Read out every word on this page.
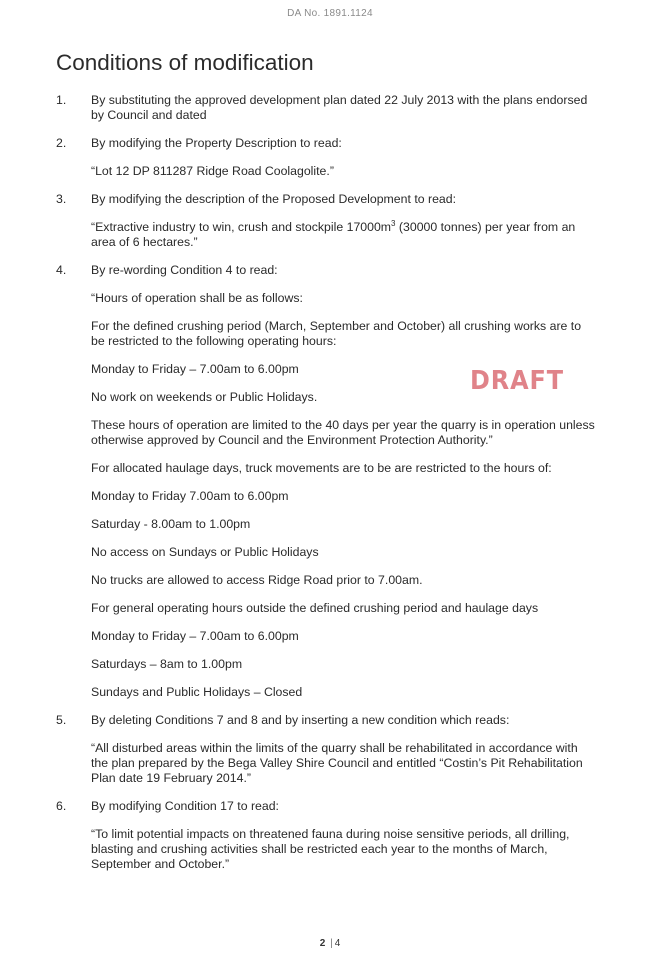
DA No. 1891.1124
Conditions of modification
1. By substituting the approved development plan dated 22 July 2013 with the plans endorsed by Council and dated

2. By modifying the Property Description to read:

“Lot 12 DP 811287 Ridge Road Coolagolite.”

3. By modifying the description of the Proposed Development to read:

“Extractive industry to win, crush and stockpile $17000m^3$ (30000 tonnes) per year from an area of 6 hectares.”

4. By re-wording Condition 4 to read:

“Hours of operation shall be as follows:

For the defined crushing period (March, September and October) all crushing works are to be restricted to the following operating hours:

Monday to Friday – 7.00am to 6.00pm

No work on weekends or Public Holidays.

These hours of operation are limited to the 40 days per year the quarry is in operation unless otherwise approved by Council and the Environment Protection Authority.”

For allocated haulage days, truck movements are to be are restricted to the hours of:

Monday to Friday 7.00am to 6.00pm

Saturday - 8.00am to 1.00pm

No access on Sundays or Public Holidays

No trucks are allowed to access Ridge Road prior to 7.00am.

For general operating hours outside the defined crushing period and haulage days

Monday to Friday – 7.00am to 6.00pm

Saturdays – 8am to 1.00pm

Sundays and Public Holidays – Closed

5. By deleting Conditions 7 and 8 and by inserting a new condition which reads:

“All disturbed areas within the limits of the quarry shall be rehabilitated in accordance with the plan prepared by the Bega Valley Shire Council and entitled “Costin’s Pit Rehabilitation Plan date 19 February 2014.”

6. By modifying Condition 17 to read:

“To limit potential impacts on threatened fauna during noise sensitive periods, all drilling, blasting and crushing activities shall be restricted each year to the months of March, September and October.”

DRAFT
2 | 4
